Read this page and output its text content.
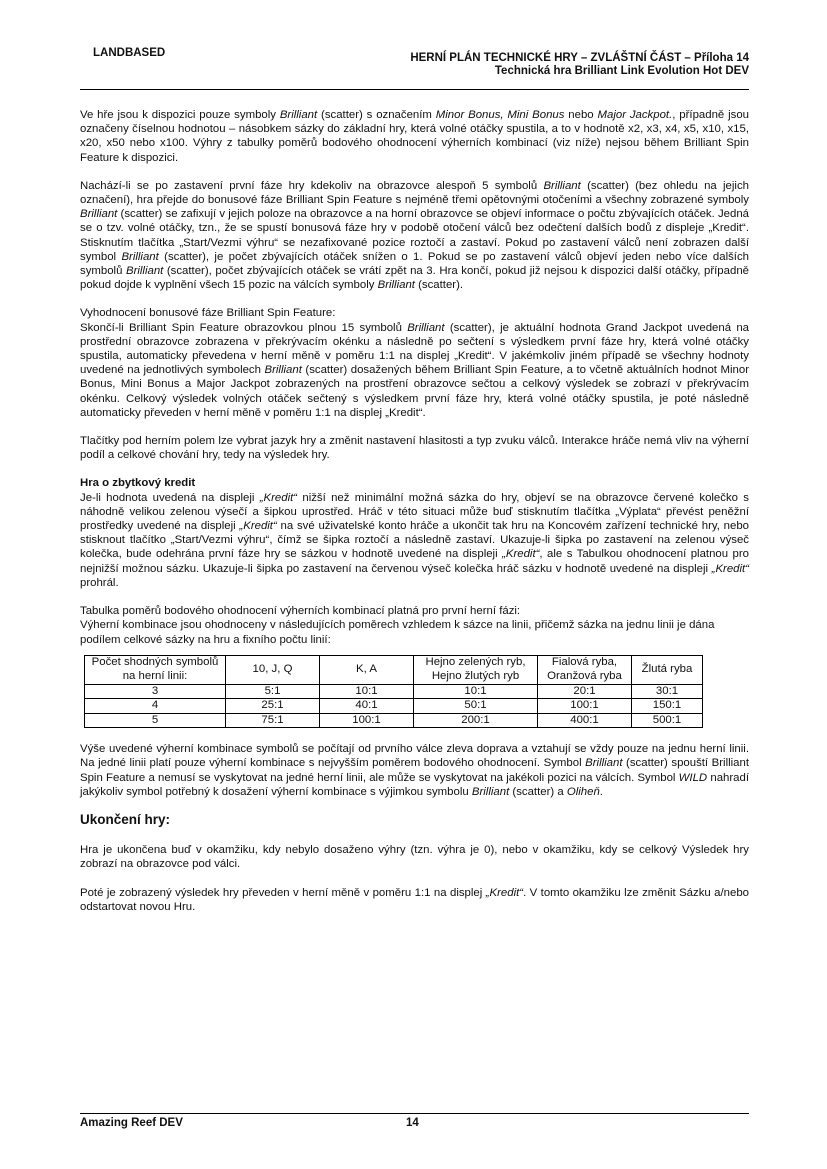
LANDBASED	HERNÍ PLÁN TECHNICKÉ HRY – ZVLÁŠTNÍ ČÁST – Příloha 14
Technická hra Brilliant Link Evolution Hot DEV

Ve hře jsou k dispozici pouze symboly Brilliant (scatter) s označením Minor Bonus, Mini Bonus nebo Major Jackpot., případně jsou označeny číselnou hodnotou – násobkem sázky do základní hry, která volné otáčky spustila, a to v hodnotě x2, x3, x4, x5, x10, x15, x20, x50 nebo x100. Výhry z tabulky poměrů bodového ohodnocení výherních kombinací (viz níže) nejsou během Brilliant Spin Feature k dispozici.

Nachází-li se po zastavení první fáze hry kdekoliv na obrazovce alespoň 5 symbolů Brilliant (scatter) (bez ohledu na jejich označení), hra přejde do bonusové fáze Brilliant Spin Feature s nejméně třemi opětovnými otočeními a všechny zobrazené symboly Brilliant (scatter) se zafixují v jejich poloze na obrazovce a na horní obrazovce se objeví informace o počtu zbývajících otáček. Jedná se o tzv. volné otáčky, tzn., že se spustí bonusová fáze hry v podobě otočení válců bez odečtení dalších bodů z displeje „Kredit“. Stisknutím tlačítka „Start/Vezmi výhru“ se nezafixované pozice roztočí a zastaví. Pokud po zastavení válců není zobrazen další symbol Brilliant (scatter), je počet zbývajících otáček snížen o 1. Pokud se po zastavení válců objeví jeden nebo více dalších symbolů Brilliant (scatter), počet zbývajících otáček se vrátí zpět na 3. Hra končí, pokud již nejsou k dispozici další otáčky, případně pokud dojde k vyplnění všech 15 pozic na válcích symboly Brilliant (scatter).

Vyhodnocení bonusové fáze Brilliant Spin Feature:
Skončí-li Brilliant Spin Feature obrazovkou plnou 15 symbolů Brilliant (scatter), je aktuální hodnota Grand Jackpot uvedená na prostřední obrazovce zobrazena v překrývacím okénku a následně po sečtení s výsledkem první fáze hry, která volné otáčky spustila, automaticky převedena v herní měně v poměru 1:1 na displej „Kredit“. V jakémkoliv jiném případě se všechny hodnoty uvedené na jednotlivých symbolech Brilliant (scatter) dosažených během Brilliant Spin Feature, a to včetně aktuálních hodnot Minor Bonus, Mini Bonus a Major Jackpot zobrazených na prostření obrazovce sečtou a celkový výsledek se zobrazí v překrývacím okénku. Celkový výsledek volných otáček sečtený s výsledkem první fáze hry, která volné otáčky spustila, je poté následně automaticky převeden v herní měně v poměru 1:1 na displej „Kredit“.

Tlačítky pod herním polem lze vybrat jazyk hry a změnit nastavení hlasitosti a typ zvuku válců. Interakce hráče nemá vliv na výherní podíl a celkové chování hry, tedy na výsledek hry.

Hra o zbytkový kredit
Je-li hodnota uvedená na displeji „Kredit“ nižší než minimální možná sázka do hry, objeví se na obrazovce červené kolečko s náhodně velikou zelenou výsečí a šipkou uprostřed. Hráč v této situaci může buď stisknutím tlačítka „Výplata“ převést peněžní prostředky uvedené na displeji „Kredit“ na své uživatelské konto hráče a ukončit tak hru na Koncovém zařízení technické hry, nebo stisknout tlačítko „Start/Vezmi výhru“, čímž se šipka roztočí a následně zastaví. Ukazuje-li šipka po zastavení na zelenou výseč kolečka, bude odehrána první fáze hry se sázkou v hodnotě uvedené na displeji „Kredit“, ale s Tabulkou ohodnocení platnou pro nejnižší možnou sázku. Ukazuje-li šipka po zastavení na červenou výseč kolečka hráč sázku v hodnotě uvedené na displeji „Kredit“ prohrál.

Tabulka poměrů bodového ohodnocení výherních kombinací platná pro první herní fázi:
Výherní kombinace jsou ohodnoceny v následujících poměrech vzhledem k sázce na linii, přičemž sázka na jednu linii je dána podílem celkové sázky na hru a fixního počtu linií:
Počet shodných symbolů na herní linii:	10, J, Q	K, A	Hejno zelených ryb, Hejno žlutých ryb	Fialová ryba, Oranžová ryba	Žlutá ryba
3	5:1	10:1	10:1	20:1	30:1
4	25:1	40:1	50:1	100:1	150:1
5	75:1	100:1	200:1	400:1	500:1

Výše uvedené výherní kombinace symbolů se počítají od prvního válce zleva doprava a vztahují se vždy pouze na jednu herní linii. Na jedné linii platí pouze výherní kombinace s nejvyšším poměrem bodového ohodnocení. Symbol Brilliant (scatter) spouští Brilliant Spin Feature a nemusí se vyskytovat na jedné herní linii, ale může se vyskytovat na jakékoli pozici na válcích. Symbol WILD nahradí jakýkoliv symbol potřebný k dosažení výherní kombinace s výjimkou symbolu Brilliant (scatter) a Oliheň.

Ukončení hry:

Hra je ukončena buď v okamžiku, kdy nebylo dosaženo výhry (tzn. výhra je 0), nebo v okamžiku, kdy se celkový Výsledek hry zobrazí na obrazovce pod válci.

Poté je zobrazený výsledek hry převeden v herní měně v poměru 1:1 na displej „Kredit“. V tomto okamžiku lze změnit Sázku a/nebo odstartovat novou Hru.

Amazing Reef DEV	14
